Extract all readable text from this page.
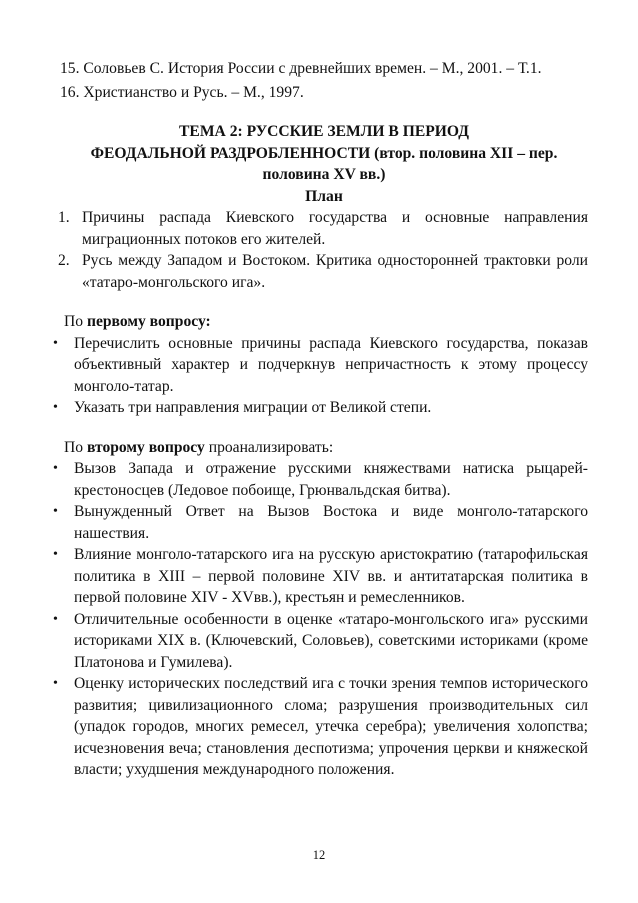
15. Соловьев С. История России с древнейших времен. – М., 2001. – Т.1.

16. Христианство и Русь. – М., 1997.

ТЕМА 2: РУССКИЕ ЗЕМЛИ В ПЕРИОД
ФЕОДАЛЬНОЙ РАЗДРОБЛЕННОСТИ (втор. половина XII – пер.
половина XV вв.)
План
1. Причины распада Киевского государства и основные направления миграционных потоков его жителей.
2. Русь между Западом и Востоком. Критика односторонней трактовки роли «татаро-монгольского ига».
По первому вопросу:
• Перечислить основные причины распада Киевского государства, показав объективный характер и подчеркнув непричастность к этому процессу монголо-татар.
• Указать три направления миграции от Великой степи.
По второму вопросу проанализировать:
• Вызов Запада и отражение русскими княжествами натиска рыцарей-крестоносцев (Ледовое побоище, Грюнвальдская битва).
• Вынужденный Ответ на Вызов Востока и виде монголо-татарского нашествия.
• Влияние монголо-татарского ига на русскую аристократию (татарофильская политика в XIII – первой половине XIV вв. и антитатарская политика в первой половине XIV - XVвв.), крестьян и ремесленников.
• Отличительные особенности в оценке «татаро-монгольского ига» русскими историками XIX в. (Ключевский, Соловьев), советскими историками (кроме Платонова и Гумилева).
• Оценку исторических последствий ига с точки зрения темпов исторического развития; цивилизационного слома; разрушения производительных сил (упадок городов, многих ремесел, утечка серебра); увеличения холопства; исчезновения веча; становления деспотизма; упрочения церкви и княжеской власти; ухудшения международного положения.
12
